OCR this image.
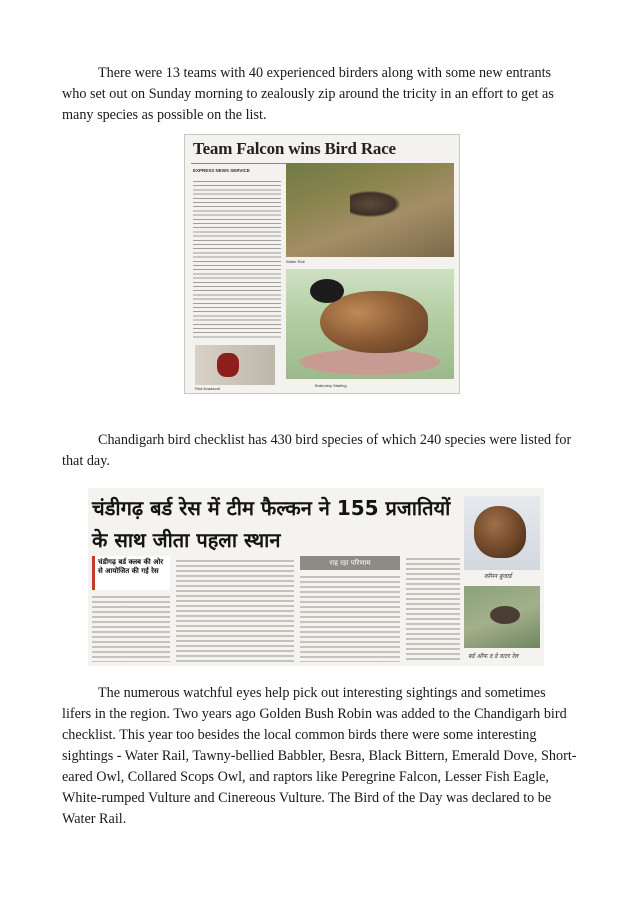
There were 13 teams with 40 experienced birders along with some new entrants who set out on Sunday morning to zealously zip around the tricity in an effort to get as many species as possible on the list.

Team Falcon wins Bird Race
EXPRESS NEWS SERVICE
Water Rail
Brahminy Starling
Red Avadavat

Chandigarh bird checklist has 430 bird species of which 240 species were listed for that day.

चंडीगढ़ बर्ड रेस में टीम फैल्कन ने 155 प्रजातियों के साथ जीता पहला स्थान
चंडीगढ़ बर्ड क्लब की ओर से आयोजित की गई रेस
राह रहा परिणाम
कॉमन बुजार्ड
बर्ड ऑफ द डे वाटर रेल

The numerous watchful eyes help pick out interesting sightings and sometimes lifers in the region. Two years ago Golden Bush Robin was added to the Chandigarh bird checklist. This year too besides the local common birds there were some interesting sightings - Water Rail, Tawny-bellied Babbler, Besra, Black Bittern, Emerald Dove, Short-eared Owl, Collared Scops Owl, and raptors like Peregrine Falcon, Lesser Fish Eagle, White-rumped Vulture and Cinereous Vulture. The Bird of the Day was declared to be Water Rail.
